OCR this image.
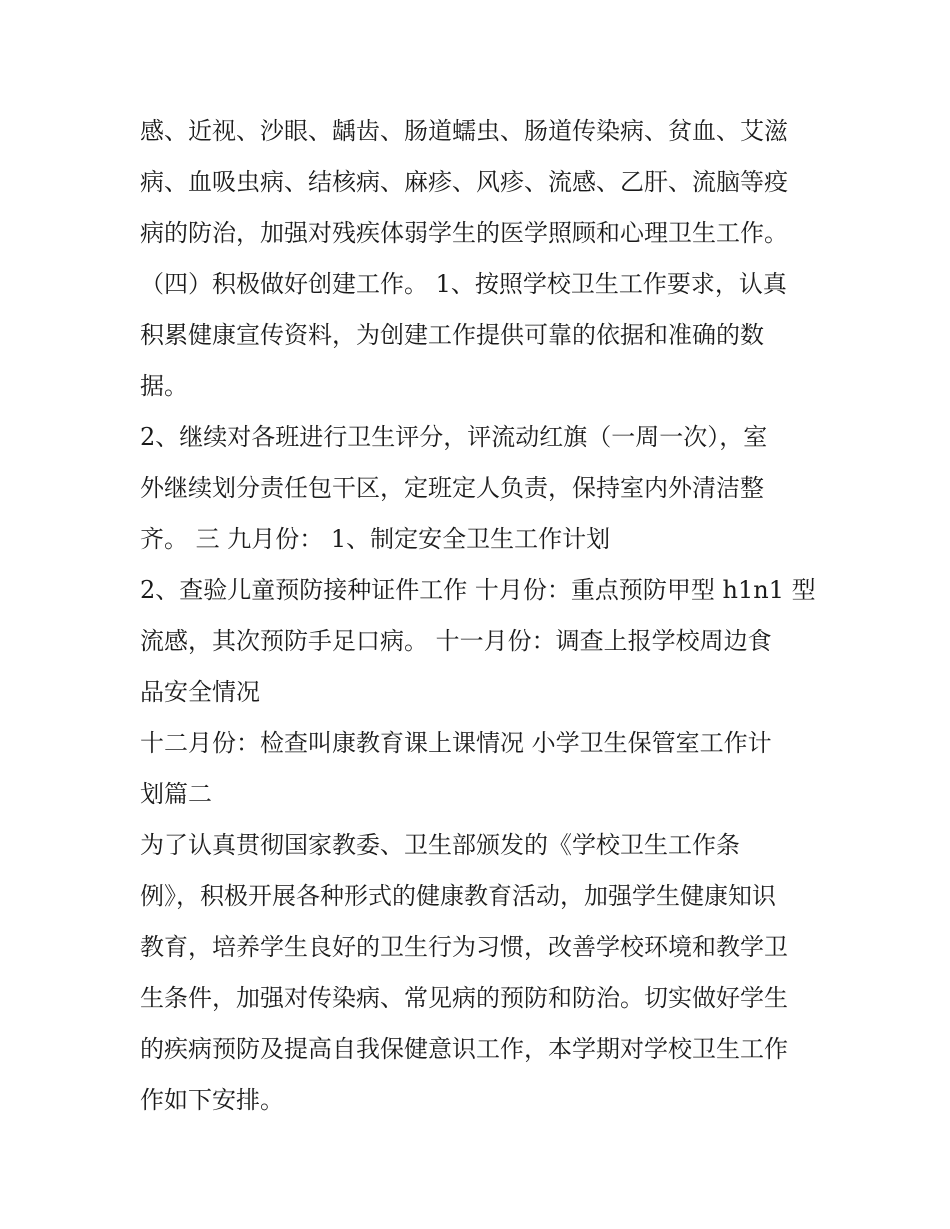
感、近视、沙眼、龋齿、肠道蠕虫、肠道传染病、贫血、艾滋
病、血吸虫病、结核病、麻疹、风疹、流感、乙肝、流脑等疫
病的防治，加强对残疾体弱学生的医学照顾和心理卫生工作。
（四）积极做好创建工作。 1、按照学校卫生工作要求，认真
积累健康宣传资料，为创建工作提供可靠的依据和准确的数
据。
2、继续对各班进行卫生评分，评流动红旗（一周一次），室
外继续划分责任包干区，定班定人负责，保持室内外清洁整
齐。 三 九月份： 1、制定安全卫生工作计划
2、查验儿童预防接种证件工作 十月份：重点预防甲型 h1n1 型
流感，其次预防手足口病。 十一月份：调查上报学校周边食
品安全情况
十二月份：检查叫康教育课上课情况 小学卫生保管室工作计
划篇二
为了认真贯彻国家教委、卫生部颁发的《学校卫生工作条
例》，积极开展各种形式的健康教育活动，加强学生健康知识
教育，培养学生良好的卫生行为习惯，改善学校环境和教学卫
生条件，加强对传染病、常见病的预防和防治。切实做好学生
的疾病预防及提高自我保健意识工作，本学期对学校卫生工作
作如下安排。
